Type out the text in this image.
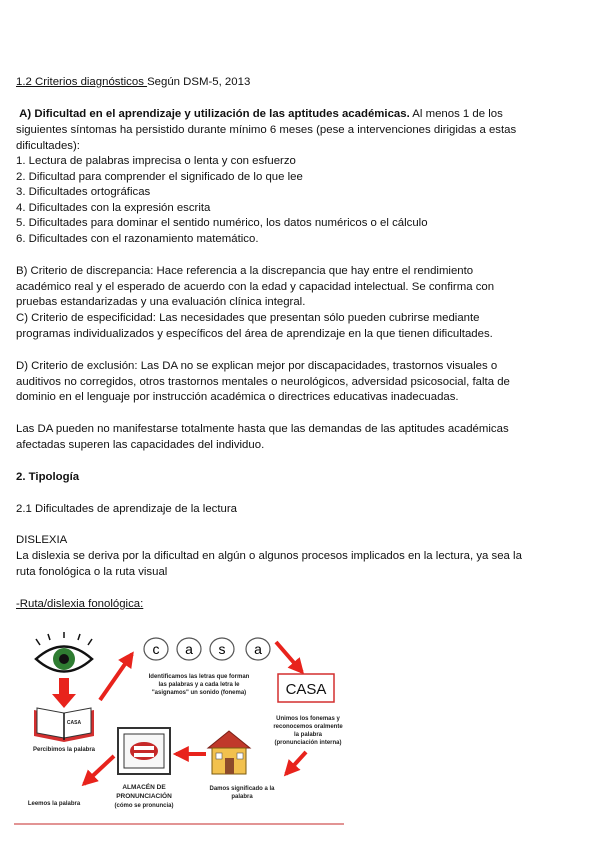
1.2 Criterios diagnósticos Según DSM-5, 2013
A) Dificultad en el aprendizaje y utilización de las aptitudes académicas. Al menos 1 de los
siguientes síntomas ha persistido durante mínimo 6 meses (pese a intervenciones dirigidas a estas
dificultades):
1. Lectura de palabras imprecisa o lenta y con esfuerzo
2. Dificultad para comprender el significado de lo que lee
3. Dificultades ortográficas
4. Dificultades con la expresión escrita
5. Dificultades para dominar el sentido numérico, los datos numéricos o el cálculo
6. Dificultades con el razonamiento matemático.
B) Criterio de discrepancia: Hace referencia a la discrepancia que hay entre el rendimiento
académico real y el esperado de acuerdo con la edad y capacidad intelectual. Se confirma con
pruebas estandarizadas y una evaluación clínica integral.
C) Criterio de especificidad: Las necesidades que presentan sólo pueden cubrirse mediante
programas individualizados y específicos del área de aprendizaje en la que tienen dificultades.
D) Criterio de exclusión: Las DA no se explican mejor por discapacidades, trastornos visuales o
auditivos no corregidos, otros trastornos mentales o neurológicos, adversidad psicosocial, falta de
dominio en el lenguaje por instrucción académica o directrices educativas inadecuadas.
Las DA pueden no manifestarse totalmente hasta que las demandas de las aptitudes académicas
afectadas superen las capacidades del individuo.
2. Tipología
2.1 Dificultades de aprendizaje de la lectura
DISLEXIA
La dislexia se deriva por la dificultad en algún o algunos procesos implicados en la lectura, ya sea la
ruta fonológica o la ruta visual
-Ruta/dislexia fonológica:
CASA
Percibimos la palabra
c a s a
Identificamos las letras que forman
las palabras y a cada letra le
"asignamos" un sonido (fonema)	CASA
Unimos los fonemas y
reconocemos oralmente
la palabra
(pronunciación interna)
Damos significado a la
palabra
ALMACÉN DE
PRONUNCIACIÓN
(cómo se pronuncia)
Leemos la palabra
